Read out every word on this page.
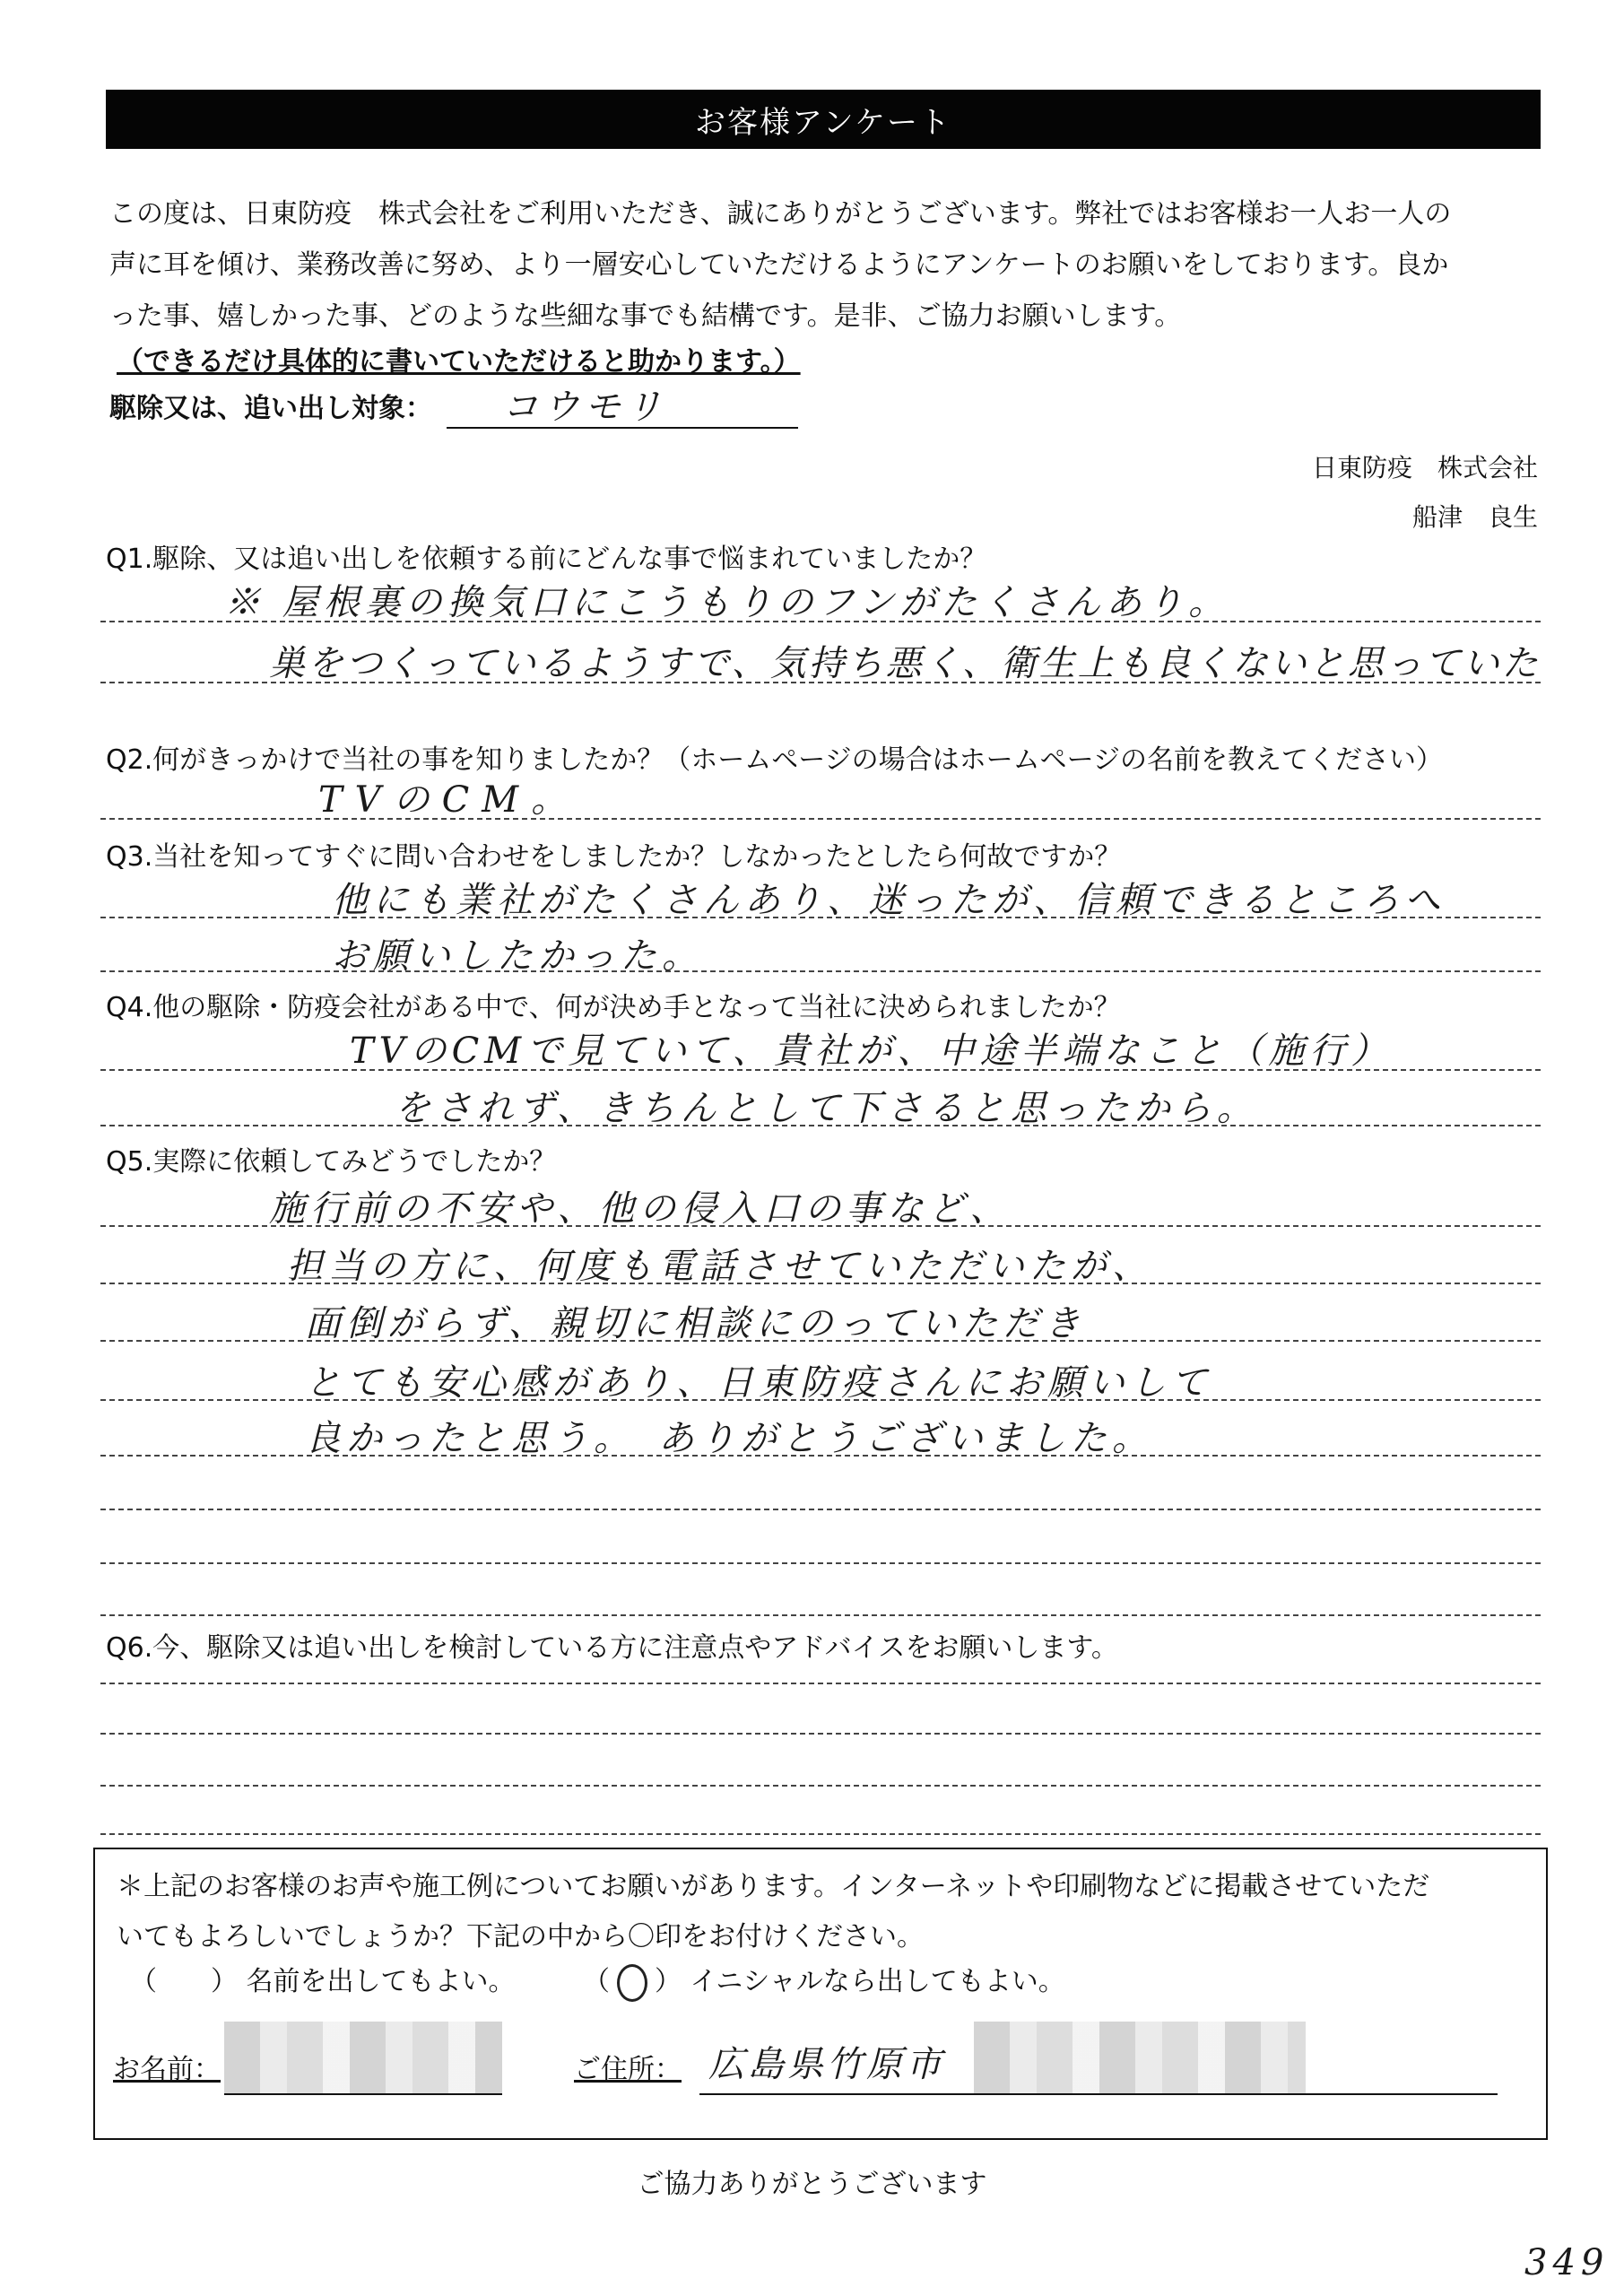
お客様アンケート
この度は、日東防疫　株式会社をご利用いただき、誠にありがとうございます。弊社ではお客様お一人お一人の
声に耳を傾け、業務改善に努め、より一層安心していただけるようにアンケートのお願いをしております。良か
った事、嬉しかった事、どのような些細な事でも結構です。是非、ご協力お願いします。
（できるだけ具体的に書いていただけると助かります。）
駆除又は、追い出し対象： コウモリ
日東防疫　株式会社
船津　良生
Q1.駆除、又は追い出しを依頼する前にどんな事で悩まれていましたか？
※ 屋根裏の換気口にこうもりのフンがたくさんあり。
巣をつくっているようすで、気持ち悪く、衛生上も良くないと思っていた
Q2.何がきっかけで当社の事を知りましたか？（ホームページの場合はホームページの名前を教えてください）
TVのCM。
Q3.当社を知ってすぐに問い合わせをしましたか？しなかったとしたら何故ですか？
他にも業社がたくさんあり、迷ったが、信頼できるところへ
お願いしたかった。
Q4.他の駆除・防疫会社がある中で、何が決め手となって当社に決められましたか？
TVのCMで見ていて、貴社が、中途半端なこと（施行）
をされず、きちんとして下さると思ったから。
Q5.実際に依頼してみどうでしたか？
施行前の不安や、他の侵入口の事など、
担当の方に、何度も電話させていただいたが、
面倒がらず、親切に相談にのっていただき
とても安心感があり、日東防疫さんにお願いして
良かったと思う。　ありがとうございました。
Q6.今、駆除又は追い出しを検討している方に注意点やアドバイスをお願いします。
＊上記のお客様のお声や施工例についてお願いがあります。インターネットや印刷物などに掲載させていただ
いてもよろしいでしょうか？下記の中から〇印をお付けください。
（　　） 名前を出してもよい。	（ ○ ） イニシャルなら出してもよい。
お名前：	ご住所： 広島県竹原市
ご協力ありがとうございます
349
